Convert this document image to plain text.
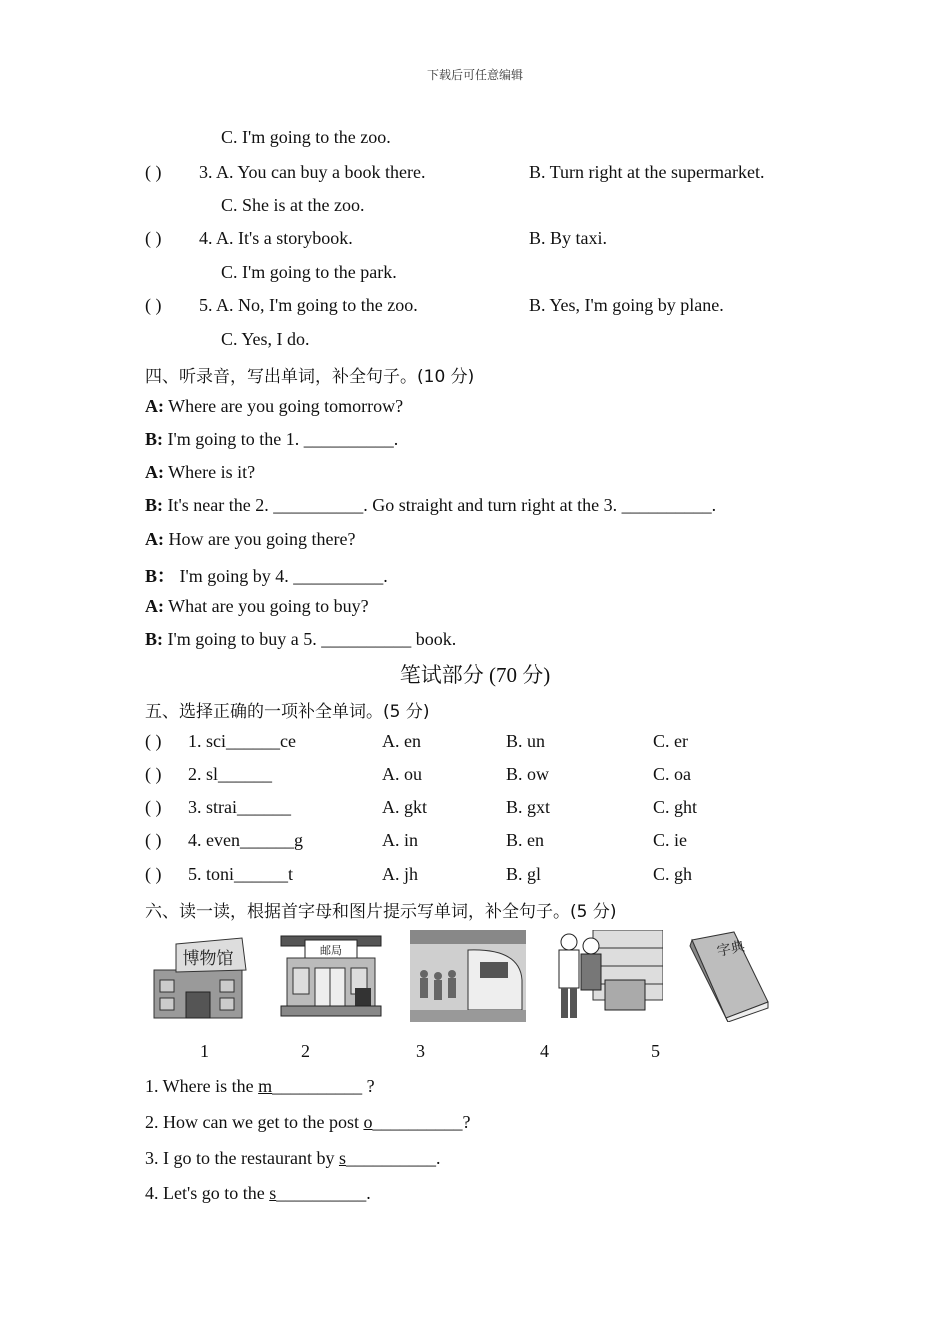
下载后可任意编辑
C. I'm going to the zoo.
( ) 3. A. You can buy a book there.	B. Turn right at the supermarket.
C. She is at the zoo.
( ) 4. A. It's a storybook.	B. By taxi.
C. I'm going to the park.
( ) 5. A. No, I'm going to the zoo.	B. Yes, I'm going by plane.
C. Yes, I do.
四、听录音，写出单词，补全句子。(10 分)
A: Where are you going tomorrow?
B: I'm going to the 1. __________.
A: Where is it?
B: It's near the 2. __________. Go straight and turn right at the 3. __________.
A: How are you going there?
B： I'm going by 4. __________.
A: What are you going to buy?
B: I'm going to buy a 5. __________ book.
笔试部分 (70 分)
五、选择正确的一项补全单词。(5 分)
( ) 1. sci______ce	A. en	B. un	C. er
( ) 2. sl______	A. ou	B. ow	C. oa
( ) 3. strai______	A. gkt	B. gxt	C. ght
( ) 4. even______g	A. in	B. en	C. ie
( ) 5. toni______t	A. jh	B. gl	C. gh
六、读一读，根据首字母和图片提示写单词，补全句子。(5 分)
博物馆	邮局	字典
1	2	3	4	5
1. Where is the m__________ ?
2. How can we get to the post o__________?
3. I go to the restaurant by s__________.
4. Let's go to the s__________.
